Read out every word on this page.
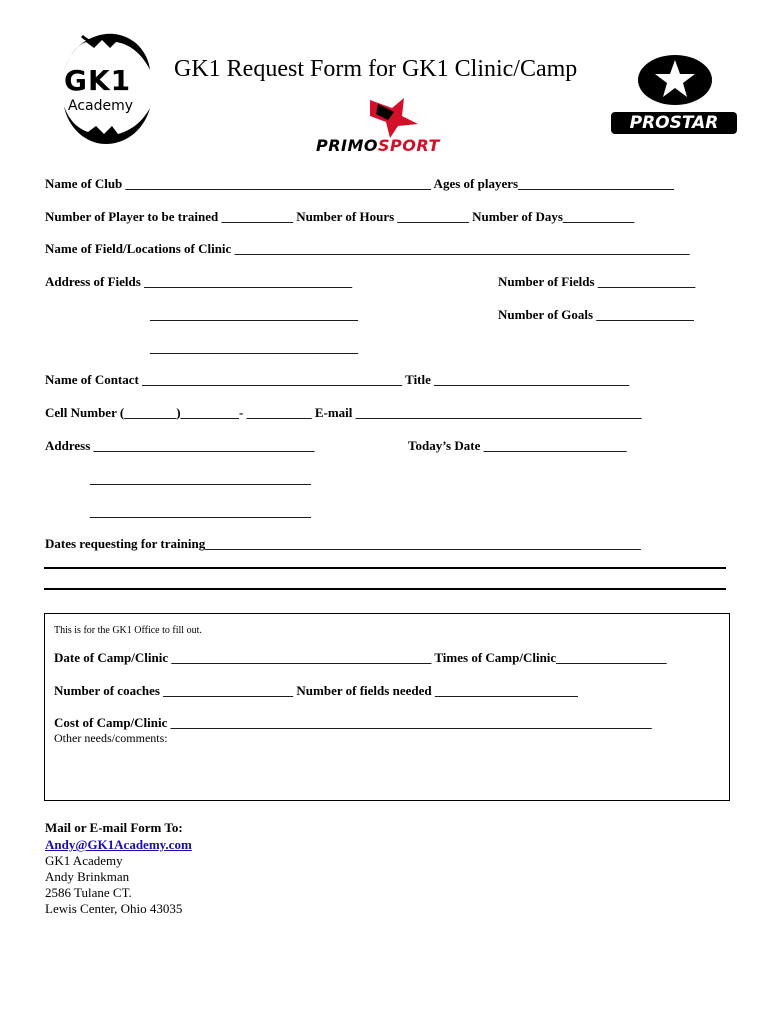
GK1
Academy
GK1 Request Form for GK1 Clinic/Camp
PRIMOSPORT
PROSTAR
Name of Club _______________________________________________ Ages of players________________________
Number of Player to be trained ___________ Number of Hours ___________ Number of Days___________
Name of Field/Locations of Clinic ______________________________________________________________________
Address of Fields ________________________________	Number of Fields _______________
________________________________	Number of Goals _______________
________________________________
Name of Contact ________________________________________ Title ______________________________
Cell Number (________)_________- __________ E-mail ____________________________________________
Address __________________________________	Today’s Date ______________________
__________________________________
__________________________________
Dates requesting for training___________________________________________________________________
This is for the GK1 Office to fill out.
Date of Camp/Clinic ________________________________________ Times of Camp/Clinic_________________
Number of coaches ____________________ Number of fields needed ______________________
Cost of Camp/Clinic __________________________________________________________________________
Other needs/comments:
Mail or E-mail Form To:
Andy@GK1Academy.com
GK1 Academy
Andy Brinkman
2586 Tulane CT.
Lewis Center, Ohio 43035
